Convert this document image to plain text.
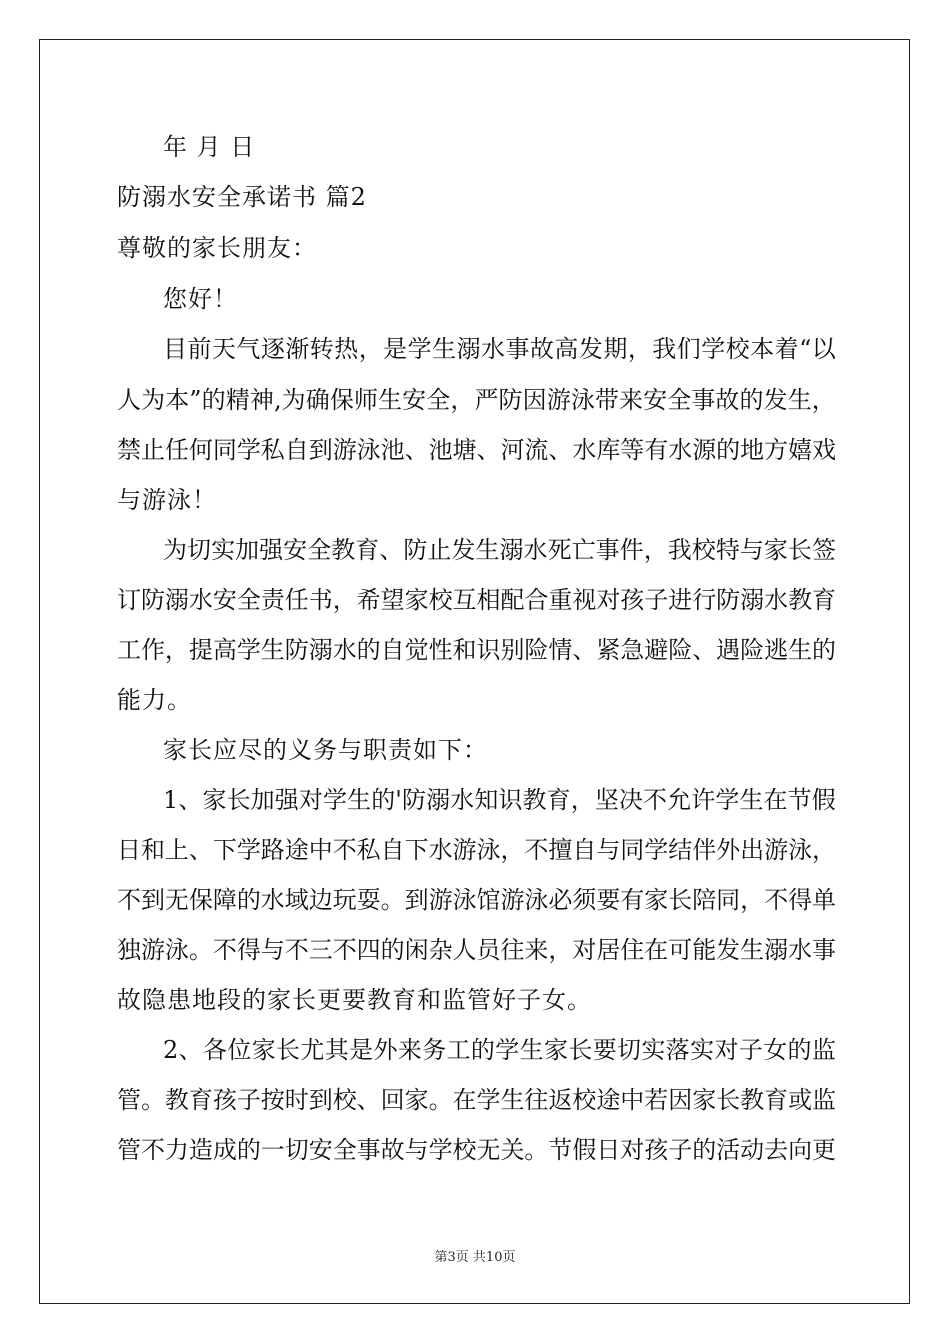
年 月 日

防溺水安全承诺书 篇2

尊敬的家长朋友：

您好！

目前天气逐渐转热，是学生溺水事故高发期，我们学校本着“以

人为本”的精神,为确保师生安全，严防因游泳带来安全事故的发生，

禁止任何同学私自到游泳池、池塘、河流、水库等有水源的地方嬉戏

与游泳！

为切实加强安全教育、防止发生溺水死亡事件，我校特与家长签

订防溺水安全责任书，希望家校互相配合重视对孩子进行防溺水教育

工作，提高学生防溺水的自觉性和识别险情、紧急避险、遇险逃生的

能力。

家长应尽的义务与职责如下：

1、家长加强对学生的'防溺水知识教育，坚决不允许学生在节假

日和上、下学路途中不私自下水游泳，不擅自与同学结伴外出游泳，

不到无保障的水域边玩耍。到游泳馆游泳必须要有家长陪同，不得单

独游泳。不得与不三不四的闲杂人员往来，对居住在可能发生溺水事

故隐患地段的家长更要教育和监管好子女。

2、各位家长尤其是外来务工的学生家长要切实落实对子女的监

管。教育孩子按时到校、回家。在学生往返校途中若因家长教育或监

管不力造成的一切安全事故与学校无关。节假日对孩子的活动去向更

第3页 共10页
